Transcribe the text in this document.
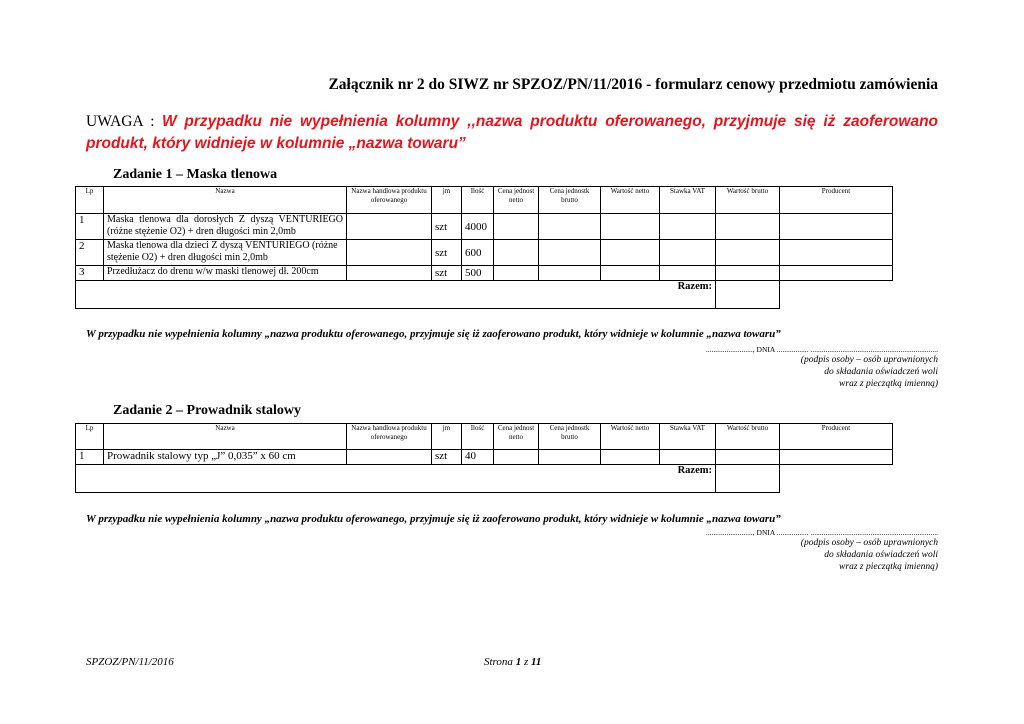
Załącznik nr 2 do SIWZ nr SPZOZ/PN/11/2016 - formularz cenowy przedmiotu zamówienia
UWAGA : W przypadku nie wypełnienia kolumny ,,nazwa produktu oferowanego, przyjmuje się iż zaoferowano produkt, który widnieje w kolumnie „nazwa towaru”
Zadanie 1 – Maska tlenowa
Lp	Nazwa	Nazwa handlowa produktu oferowanego	jm	Ilość	Cena jednost netto	Cena jednostk brutto	Wartość netto	Stawka VAT	Wartość brutto	Producent
1	Maska tlenowa dla dorosłych Z dyszą VENTURIEGO (różne stężenie O2) + dren długości min 2,0mb		szt	4000						
2	Maska tlenowa dla dzieci Z dyszą VENTURIEGO (różne stężenie O2) + dren długości min 2,0mb		szt	600						
3	Przedłużacz do drenu w/w maski tlenowej dł. 200cm		szt	500						
Razem:										
W przypadku nie wypełnienia kolumny „nazwa produktu oferowanego, przyjmuje się iż zaoferowano produkt, który widnieje w kolumnie „nazwa towaru”
........................., DNIA ................. ....................................................................
(podpis osoby – osób uprawnionych
do składania oświadczeń woli
wraz z pieczątką imienną)
Zadanie 2 – Prowadnik stalowy
Lp	Nazwa	Nazwa handlowa produktu oferowanego	jm	Ilość	Cena jednost netto	Cena jednostk brutto	Wartość netto	Stawka VAT	Wartość brutto	Producent
1	Prowadnik stalowy typ „J” 0,035” x 60 cm		szt	40						
Razem:										
W przypadku nie wypełnienia kolumny „nazwa produktu oferowanego, przyjmuje się iż zaoferowano produkt, który widnieje w kolumnie „nazwa towaru”
........................., DNIA ................. ....................................................................
(podpis osoby – osób uprawnionych
do składania oświadczeń woli
wraz z pieczątką imienną)
SPZOZ/PN/11/2016	Strona 1 z 11
